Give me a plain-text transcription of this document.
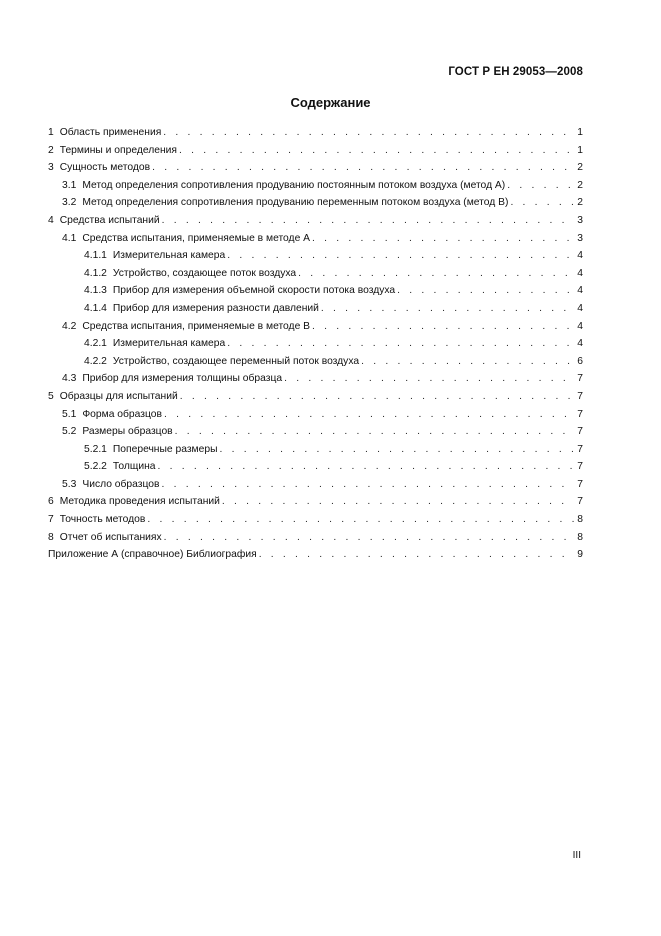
ГОСТ Р ЕН 29053—2008
Содержание
1 Область применения . . .	1
2 Термины и определения . . .	1
3 Сущность методов . . .	2
3.1 Метод определения сопротивления продуванию постоянным потоком воздуха (метод А) . . .	2
3.2 Метод определения сопротивления продуванию переменным потоком воздуха (метод В) . . .	2
4 Средства испытаний . . .	3
4.1 Средства испытания, применяемые в методе А . . .	3
4.1.1 Измерительная камера . . .	4
4.1.2 Устройство, создающее поток воздуха . . .	4
4.1.3 Прибор для измерения объемной скорости потока воздуха . . .	4
4.1.4 Прибор для измерения разности давлений . . .	4
4.2 Средства испытания, применяемые в методе В . . .	4
4.2.1 Измерительная камера . . .	4
4.2.2 Устройство, создающее переменный поток воздуха . . .	6
4.3 Прибор для измерения толщины образца . . .	7
5 Образцы для испытаний . . .	7
5.1 Форма образцов . . .	7
5.2 Размеры образцов . . .	7
5.2.1 Поперечные размеры . . .	7
5.2.2 Толщина . . .	7
5.3 Число образцов . . .	7
6 Методика проведения испытаний . . .	7
7 Точность методов . . .	8
8 Отчет об испытаниях . . .	8
Приложение А (справочное) Библиография . . .	9
III
